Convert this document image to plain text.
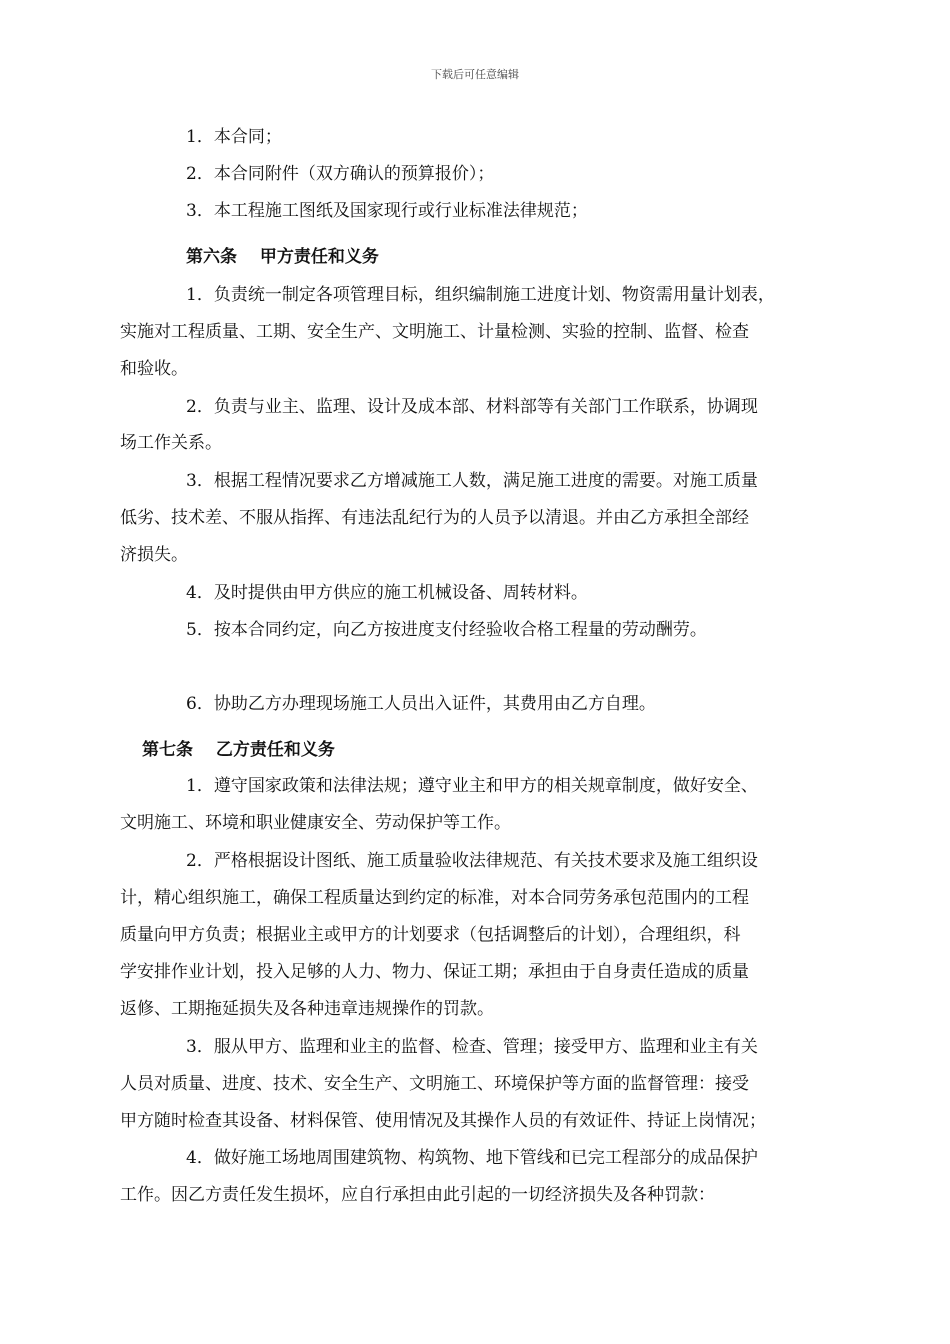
下载后可任意编辑
1．本合同；
2．本合同附件（双方确认的预算报价）；
3．本工程施工图纸及国家现行或行业标准法律规范；
第六条　 甲方责任和义务
1．负责统一制定各项管理目标，组织编制施工进度计划、物资需用量计划表，
实施对工程质量、工期、安全生产、文明施工、计量检测、实验的控制、监督、检查
和验收。
2．负责与业主、监理、设计及成本部、材料部等有关部门工作联系，协调现
场工作关系。
3．根据工程情况要求乙方增减施工人数，满足施工进度的需要。对施工质量
低劣、技术差、不服从指挥、有违法乱纪行为的人员予以清退。并由乙方承担全部经
济损失。
4．及时提供由甲方供应的施工机械设备、周转材料。
5．按本合同约定，向乙方按进度支付经验收合格工程量的劳动酬劳。
6．协助乙方办理现场施工人员出入证件，其费用由乙方自理。
第七条　 乙方责任和义务
1．遵守国家政策和法律法规；遵守业主和甲方的相关规章制度，做好安全、
文明施工、环境和职业健康安全、劳动保护等工作。
2．严格根据设计图纸、施工质量验收法律规范、有关技术要求及施工组织设
计，精心组织施工，确保工程质量达到约定的标准，对本合同劳务承包范围内的工程
质量向甲方负责；根据业主或甲方的计划要求（包括调整后的计划），合理组织，科
学安排作业计划，投入足够的人力、物力、保证工期；承担由于自身责任造成的质量
返修、工期拖延损失及各种违章违规操作的罚款。
3．服从甲方、监理和业主的监督、检查、管理；接受甲方、监理和业主有关
人员对质量、进度、技术、安全生产、文明施工、环境保护等方面的监督管理：接受
甲方随时检查其设备、材料保管、使用情况及其操作人员的有效证件、持证上岗情况；
4．做好施工场地周围建筑物、构筑物、地下管线和已完工程部分的成品保护
工作。因乙方责任发生损坏，应自行承担由此引起的一切经济损失及各种罚款：
